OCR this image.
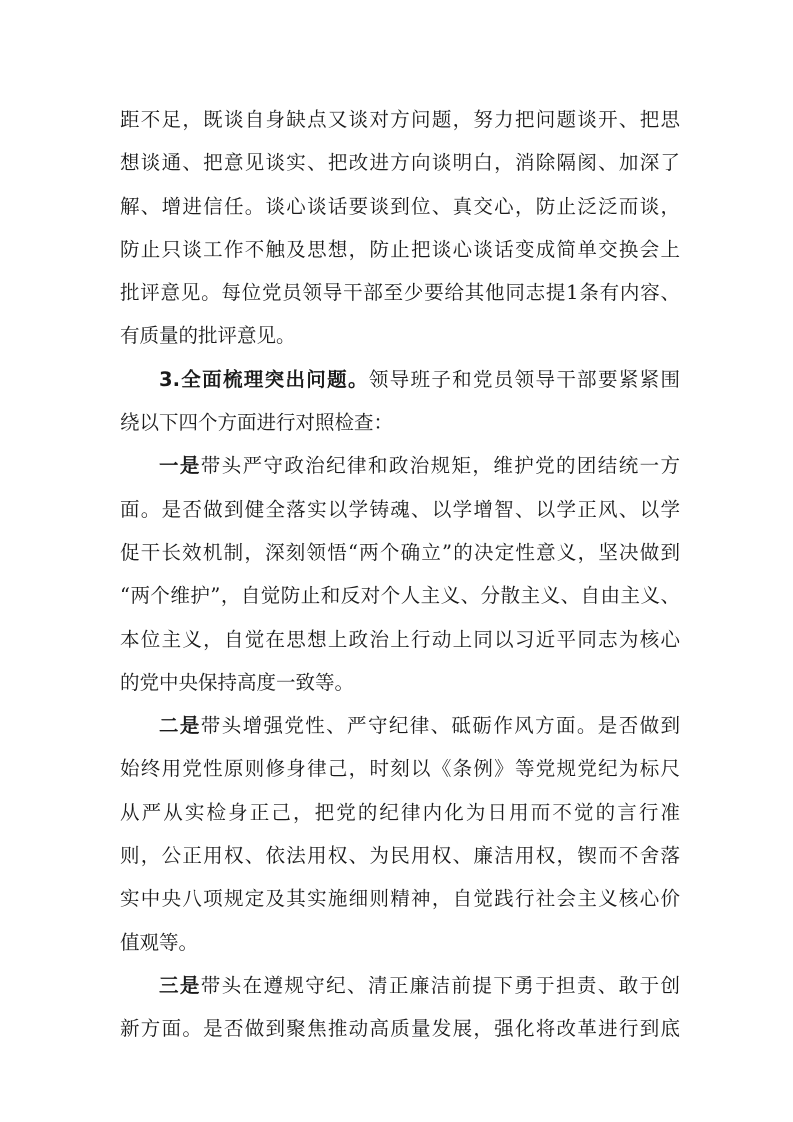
距不足，既谈自身缺点又谈对方问题，努力把问题谈开、把思
想谈通、把意见谈实、把改进方向谈明白，消除隔阂、加深了
解、增进信任。谈心谈话要谈到位、真交心，防止泛泛而谈，
防止只谈工作不触及思想，防止把谈心谈话变成简单交换会上
批评意见。每位党员领导干部至少要给其他同志提1条有内容、
有质量的批评意见。
3.全面梳理突出问题。领导班子和党员领导干部要紧紧围
绕以下四个方面进行对照检查：
一是带头严守政治纪律和政治规矩，维护党的团结统一方
面。是否做到健全落实以学铸魂、以学增智、以学正风、以学
促干长效机制，深刻领悟“两个确立”的决定性意义，坚决做到
“两个维护”，自觉防止和反对个人主义、分散主义、自由主义、
本位主义，自觉在思想上政治上行动上同以习近平同志为核心
的党中央保持高度一致等。
二是带头增强党性、严守纪律、砥砺作风方面。是否做到
始终用党性原则修身律己，时刻以《条例》等党规党纪为标尺
从严从实检身正己，把党的纪律内化为日用而不觉的言行准
则，公正用权、依法用权、为民用权、廉洁用权，锲而不舍落
实中央八项规定及其实施细则精神，自觉践行社会主义核心价
值观等。
三是带头在遵规守纪、清正廉洁前提下勇于担责、敢于创
新方面。是否做到聚焦推动高质量发展，强化将改革进行到底
